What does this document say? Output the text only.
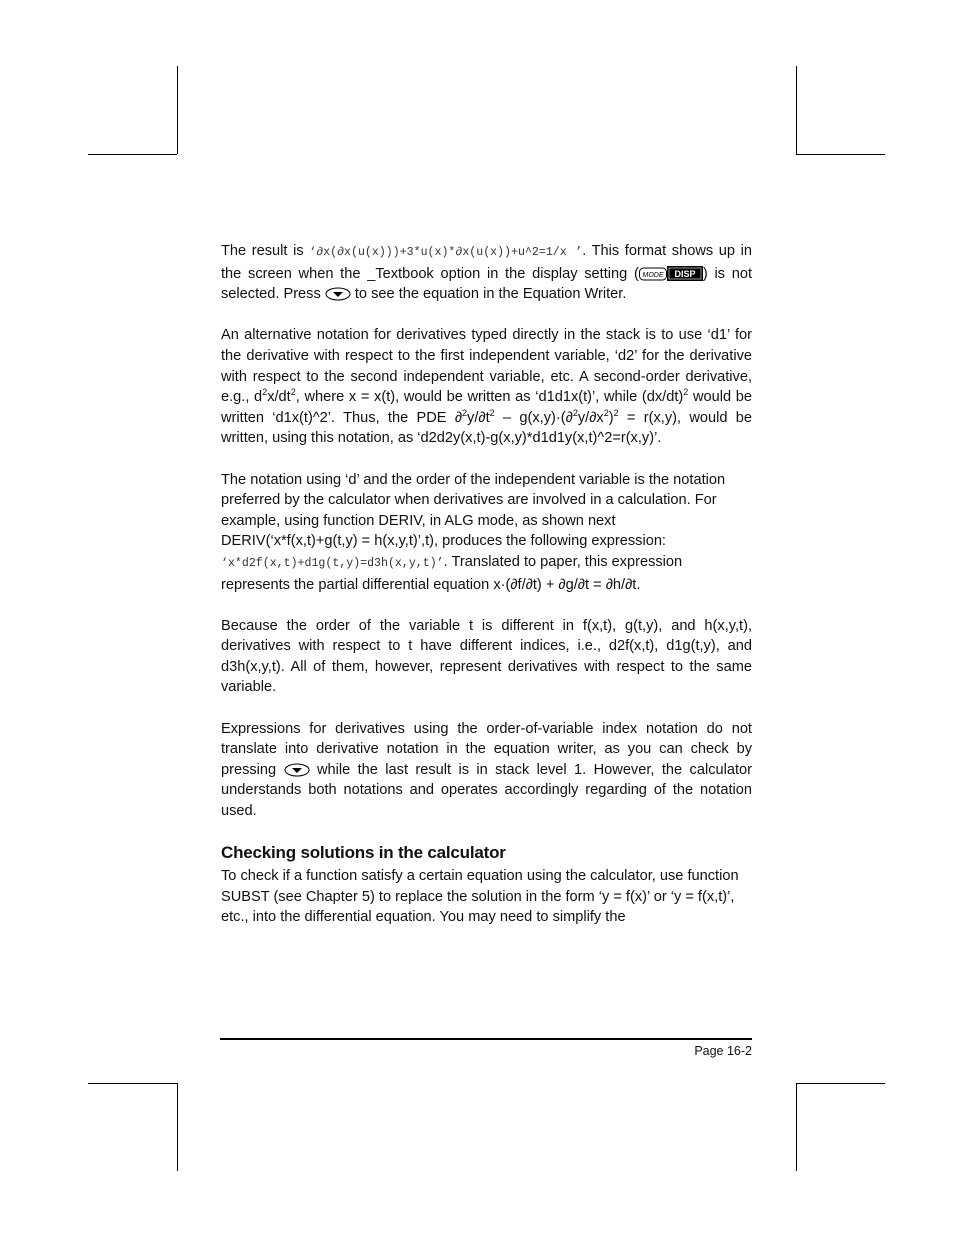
The result is ‘∂x(∂x(u(x)))+3*u(x)*∂x(u(x))+u^2=1/x ’. This format shows up in the screen when the _Textbook option in the display setting ( MODE DISP ) is not selected. Press
to see the equation in the Equation Writer.

An alternative notation for derivatives typed directly in the stack is to use ‘d1’ for the derivative with respect to the first independent variable, ‘d2’ for the derivative with respect to the second independent variable, etc. A second-order derivative, e.g., $d^2x/dt^2$, where x = x(t), would be written as ‘d1d1x(t)’, while $(dx/dt)^2$ would be written ‘d1x(t)^2’. Thus, the PDE $\partial^2y/\partial t^2 - g(x,y)\cdot(\partial^2y/\partial x^2)^2 = r(x,y)$, would be written, using this notation, as ‘d2d2y(x,t)-g(x,y)*d1d1y(x,t)^2=r(x,y)’.

The notation using ‘d’ and the order of the independent variable is the notation preferred by the calculator when derivatives are involved in a calculation. For example, using function DERIV, in ALG mode, as shown next DERIV(‘x*f(x,t)+g(t,y) = h(x,y,t)’,t), produces the following expression: ‘x*d2f(x,t)+d1g(t,y)=d3h(x,y,t)’. Translated to paper, this expression represents the partial differential equation x·(∂f/∂t) + ∂g/∂t = ∂h/∂t.

Because the order of the variable t is different in f(x,t), g(t,y), and h(x,y,t), derivatives with respect to t have different indices, i.e., d2f(x,t), d1g(t,y), and d3h(x,y,t). All of them, however, represent derivatives with respect to the same variable.

Expressions for derivatives using the order-of-variable index notation do not translate into derivative notation in the equation writer, as you can check by pressing
while the last result is in stack level 1. However, the calculator understands both notations and operates accordingly regarding of the notation used.

Checking solutions in the calculator

To check if a function satisfy a certain equation using the calculator, use function SUBST (see Chapter 5) to replace the solution in the form ‘y = f(x)’ or ‘y = f(x,t)’, etc., into the differential equation. You may need to simplify the

Page 16-2
